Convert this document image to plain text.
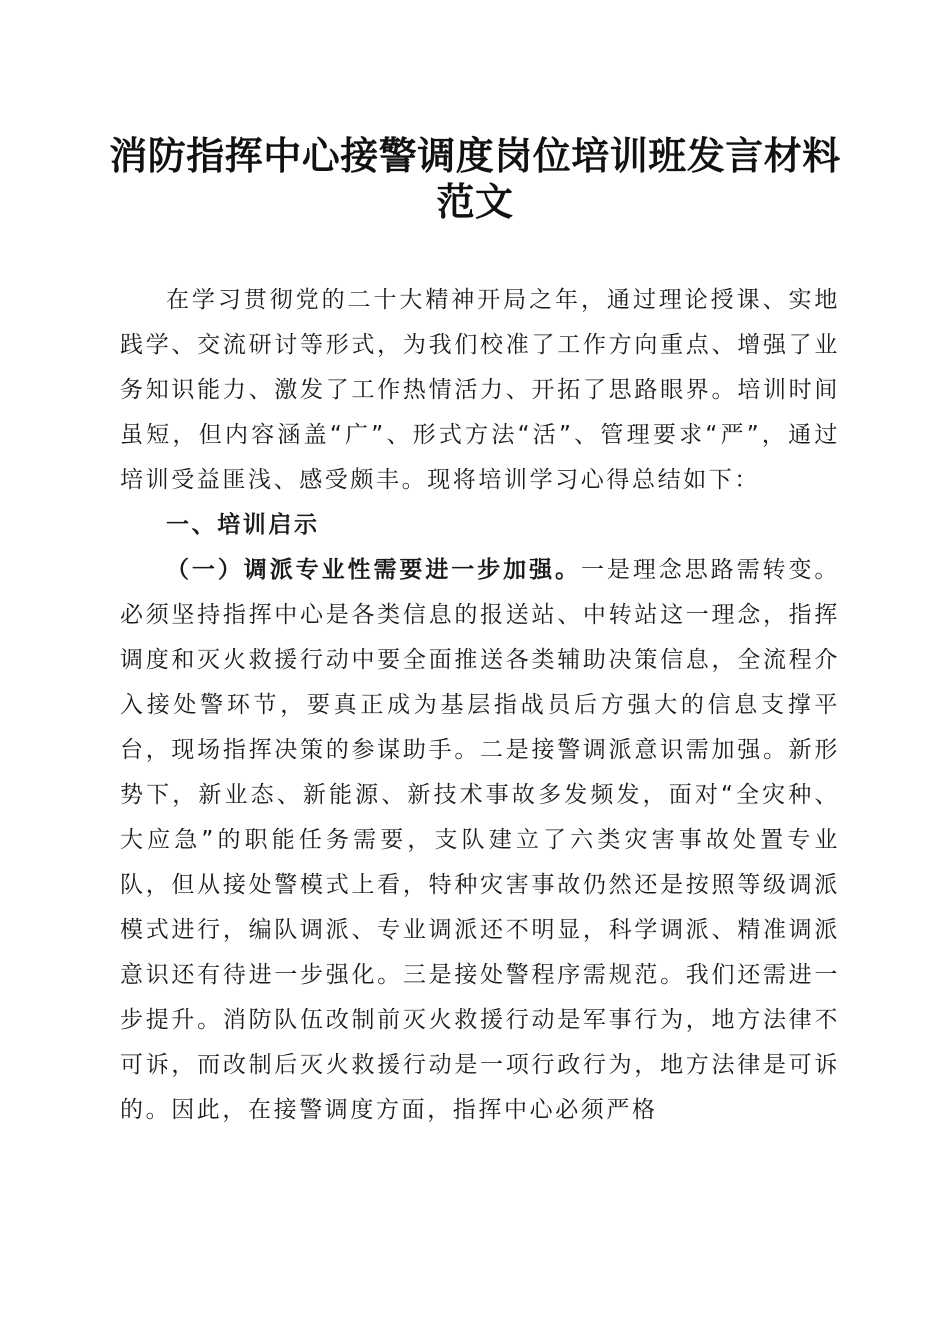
消防指挥中心接警调度岗位培训班发言材料范文

在学习贯彻党的二十大精神开局之年，通过理论授课、实地践学、交流研讨等形式，为我们校准了工作方向重点、增强了业务知识能力、激发了工作热情活力、开拓了思路眼界。培训时间虽短，但内容涵盖“广”、形式方法“活”、管理要求“严”，通过培训受益匪浅、感受颇丰。现将培训学习心得总结如下：

一、培训启示

（一）调派专业性需要进一步加强。一是理念思路需转变。必须坚持指挥中心是各类信息的报送站、中转站这一理念，指挥调度和灭火救援行动中要全面推送各类辅助决策信息，全流程介入接处警环节，要真正成为基层指战员后方强大的信息支撑平台，现场指挥决策的参谋助手。二是接警调派意识需加强。新形势下，新业态、新能源、新技术事故多发频发，面对“全灾种、大应急”的职能任务需要，支队建立了六类灾害事故处置专业队，但从接处警模式上看，特种灾害事故仍然还是按照等级调派模式进行，编队调派、专业调派还不明显，科学调派、精准调派意识还有待进一步强化。三是接处警程序需规范。我们还需进一步提升。消防队伍改制前灭火救援行动是军事行为，地方法律不可诉，而改制后灭火救援行动是一项行政行为，地方法律是可诉的。因此，在接警调度方面，指挥中心必须严格
